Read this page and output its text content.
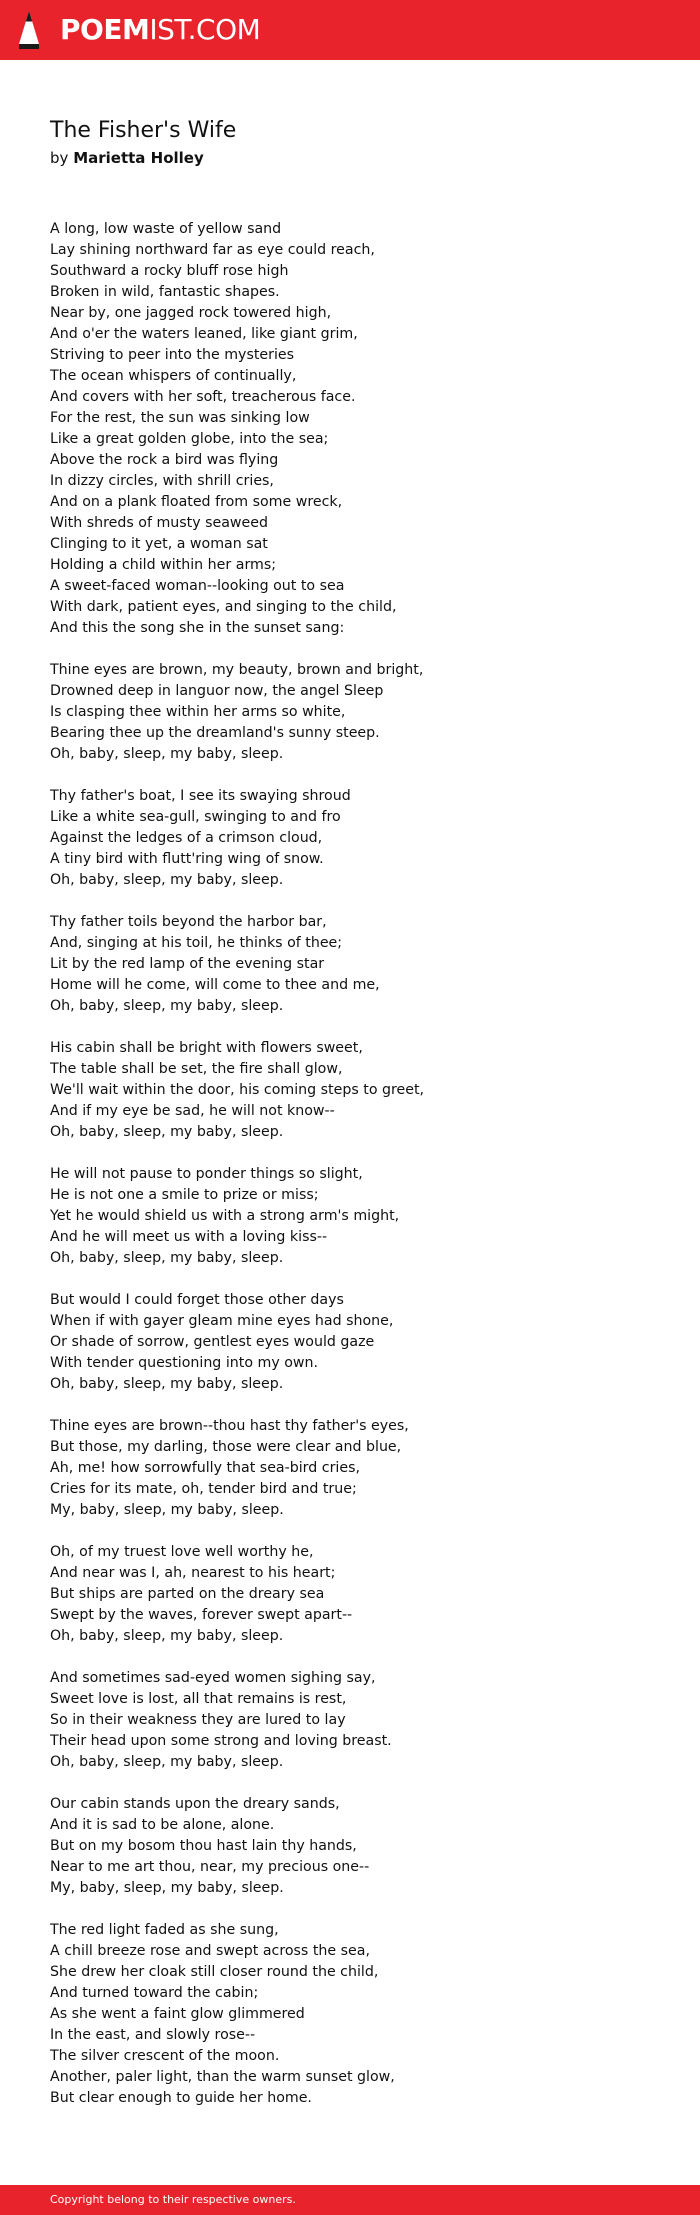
POEMIST.COM
The Fisher's Wife
by Marietta Holley
A long, low waste of yellow sand
Lay shining northward far as eye could reach,
Southward a rocky bluff rose high
Broken in wild, fantastic shapes.
Near by, one jagged rock towered high,
And o'er the waters leaned, like giant grim,
Striving to peer into the mysteries
The ocean whispers of continually,
And covers with her soft, treacherous face.
For the rest, the sun was sinking low
Like a great golden globe, into the sea;
Above the rock a bird was flying
In dizzy circles, with shrill cries,
And on a plank floated from some wreck,
With shreds of musty seaweed
Clinging to it yet, a woman sat
Holding a child within her arms;
A sweet-faced woman--looking out to sea
With dark, patient eyes, and singing to the child,
And this the song she in the sunset sang:
Thine eyes are brown, my beauty, brown and bright,
Drowned deep in languor now, the angel Sleep
Is clasping thee within her arms so white,
Bearing thee up the dreamland's sunny steep.
Oh, baby, sleep, my baby, sleep.
Thy father's boat, I see its swaying shroud
Like a white sea-gull, swinging to and fro
Against the ledges of a crimson cloud,
A tiny bird with flutt'ring wing of snow.
Oh, baby, sleep, my baby, sleep.
Thy father toils beyond the harbor bar,
And, singing at his toil, he thinks of thee;
Lit by the red lamp of the evening star
Home will he come, will come to thee and me,
Oh, baby, sleep, my baby, sleep.
His cabin shall be bright with flowers sweet,
The table shall be set, the fire shall glow,
We'll wait within the door, his coming steps to greet,
And if my eye be sad, he will not know--
Oh, baby, sleep, my baby, sleep.
He will not pause to ponder things so slight,
He is not one a smile to prize or miss;
Yet he would shield us with a strong arm's might,
And he will meet us with a loving kiss--
Oh, baby, sleep, my baby, sleep.
But would I could forget those other days
When if with gayer gleam mine eyes had shone,
Or shade of sorrow, gentlest eyes would gaze
With tender questioning into my own.
Oh, baby, sleep, my baby, sleep.
Thine eyes are brown--thou hast thy father's eyes,
But those, my darling, those were clear and blue,
Ah, me! how sorrowfully that sea-bird cries,
Cries for its mate, oh, tender bird and true;
My, baby, sleep, my baby, sleep.
Oh, of my truest love well worthy he,
And near was I, ah, nearest to his heart;
But ships are parted on the dreary sea
Swept by the waves, forever swept apart--
Oh, baby, sleep, my baby, sleep.
And sometimes sad-eyed women sighing say,
Sweet love is lost, all that remains is rest,
So in their weakness they are lured to lay
Their head upon some strong and loving breast.
Oh, baby, sleep, my baby, sleep.
Our cabin stands upon the dreary sands,
And it is sad to be alone, alone.
But on my bosom thou hast lain thy hands,
Near to me art thou, near, my precious one--
My, baby, sleep, my baby, sleep.
The red light faded as she sung,
A chill breeze rose and swept across the sea,
She drew her cloak still closer round the child,
And turned toward the cabin;
As she went a faint glow glimmered
In the east, and slowly rose--
The silver crescent of the moon.
Another, paler light, than the warm sunset glow,
But clear enough to guide her home.
Copyright belong to their respective owners.
